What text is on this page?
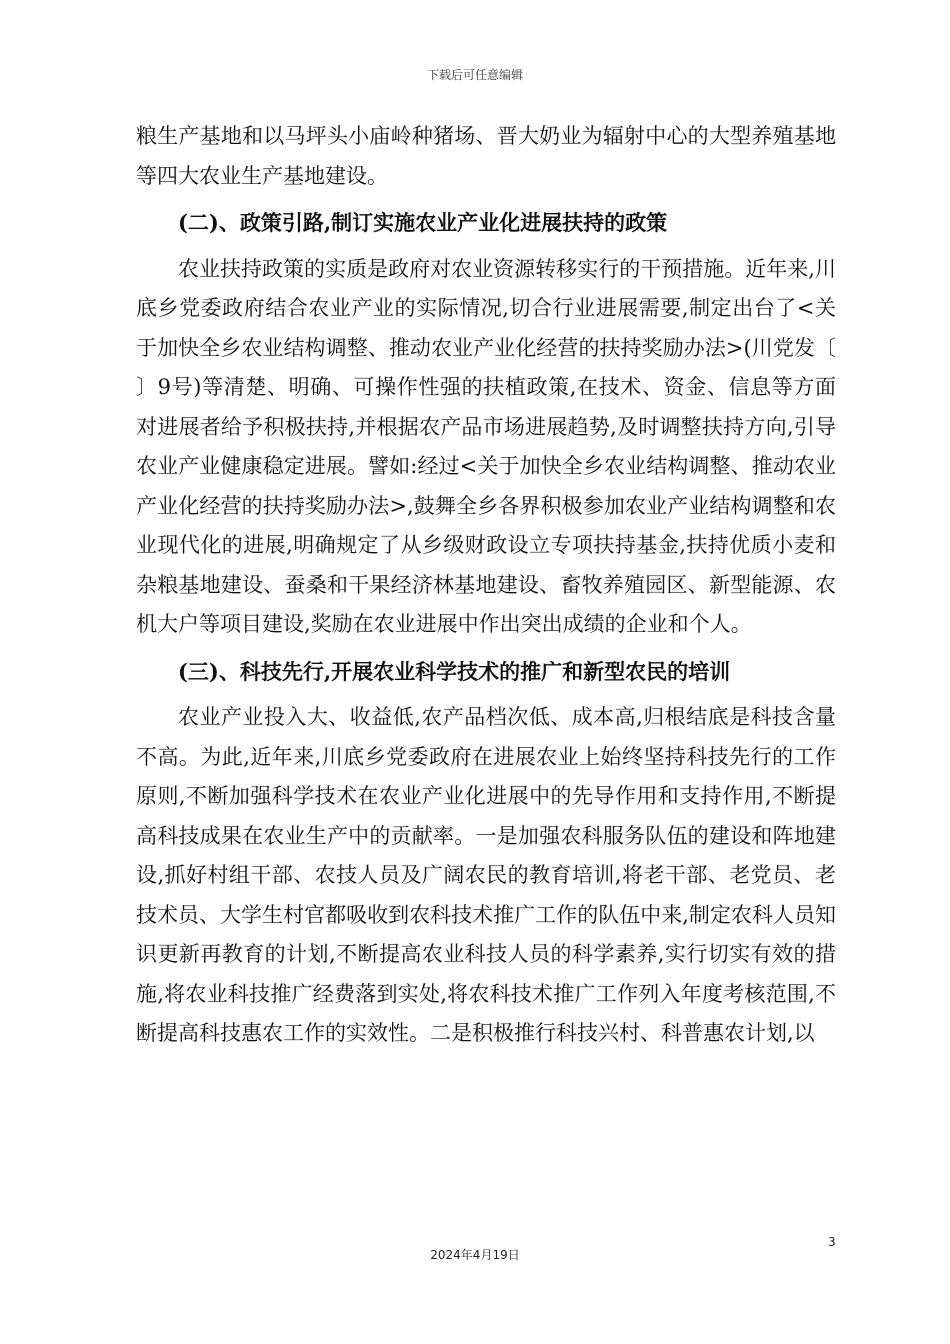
下载后可任意编辑

粮生产基地和以马坪头小庙岭种猪场、晋大奶业为辐射中心的大型养殖基地等四大农业生产基地建设。

(二)、政策引路,制订实施农业产业化进展扶持的政策

农业扶持政策的实质是政府对农业资源转移实行的干预措施。近年来,川底乡党委政府结合农业产业的实际情况,切合行业进展需要,制定出台了<关于加快全乡农业结构调整、推动农业产业化经营的扶持奖励办法>(川党发〔 〕9号)等清楚、明确、可操作性强的扶植政策,在技术、资金、信息等方面对进展者给予积极扶持,并根据农产品市场进展趋势,及时调整扶持方向,引导农业产业健康稳定进展。譬如:经过<关于加快全乡农业结构调整、推动农业产业化经营的扶持奖励办法>,鼓舞全乡各界积极参加农业产业结构调整和农业现代化的进展,明确规定了从乡级财政设立专项扶持基金,扶持优质小麦和杂粮基地建设、蚕桑和干果经济林基地建设、畜牧养殖园区、新型能源、农机大户等项目建设,奖励在农业进展中作出突出成绩的企业和个人。

(三)、科技先行,开展农业科学技术的推广和新型农民的培训

农业产业投入大、收益低,农产品档次低、成本高,归根结底是科技含量不高。为此,近年来,川底乡党委政府在进展农业上始终坚持科技先行的工作原则,不断加强科学技术在农业产业化进展中的先导作用和支持作用,不断提高科技成果在农业生产中的贡献率。一是加强农科服务队伍的建设和阵地建设,抓好村组干部、农技人员及广阔农民的教育培训,将老干部、老党员、老技术员、大学生村官都吸收到农科技术推广工作的队伍中来,制定农科人员知识更新再教育的计划,不断提高农业科技人员的科学素养,实行切实有效的措施,将农业科技推广经费落到实处,将农科技术推广工作列入年度考核范围,不断提高科技惠农工作的实效性。二是积极推行科技兴村、科普惠农计划,以

3
2024年4月19日
